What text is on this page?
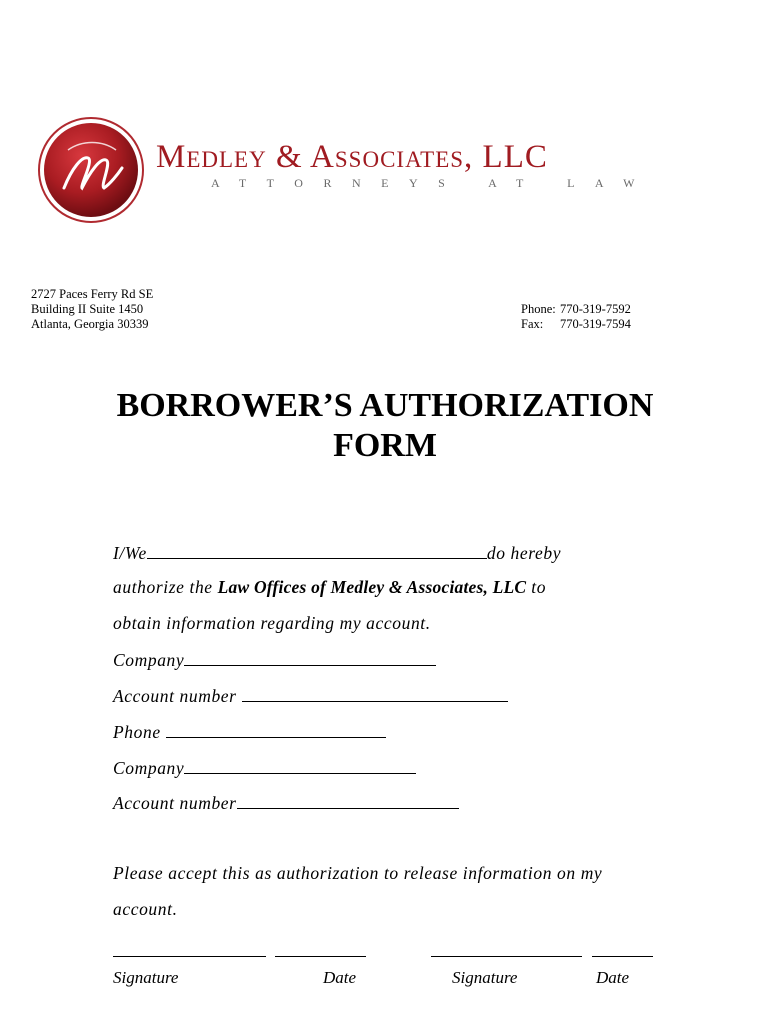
Medley & Associates, LLC
ATTORNEYS AT LAW
2727 Paces Ferry Rd SE
Building II Suite 1450
Atlanta, Georgia 30339
Phone: 770-319-7592
Fax: 770-319-7594
BORROWER’S AUTHORIZATION
FORM
I/We	do hereby
authorize the Law Offices of Medley & Associates, LLC to
obtain information regarding my account.
Company
Account number
Phone
Company
Account number
Please accept this as authorization to release information on my
account.
Signature	Date	Signature	Date
